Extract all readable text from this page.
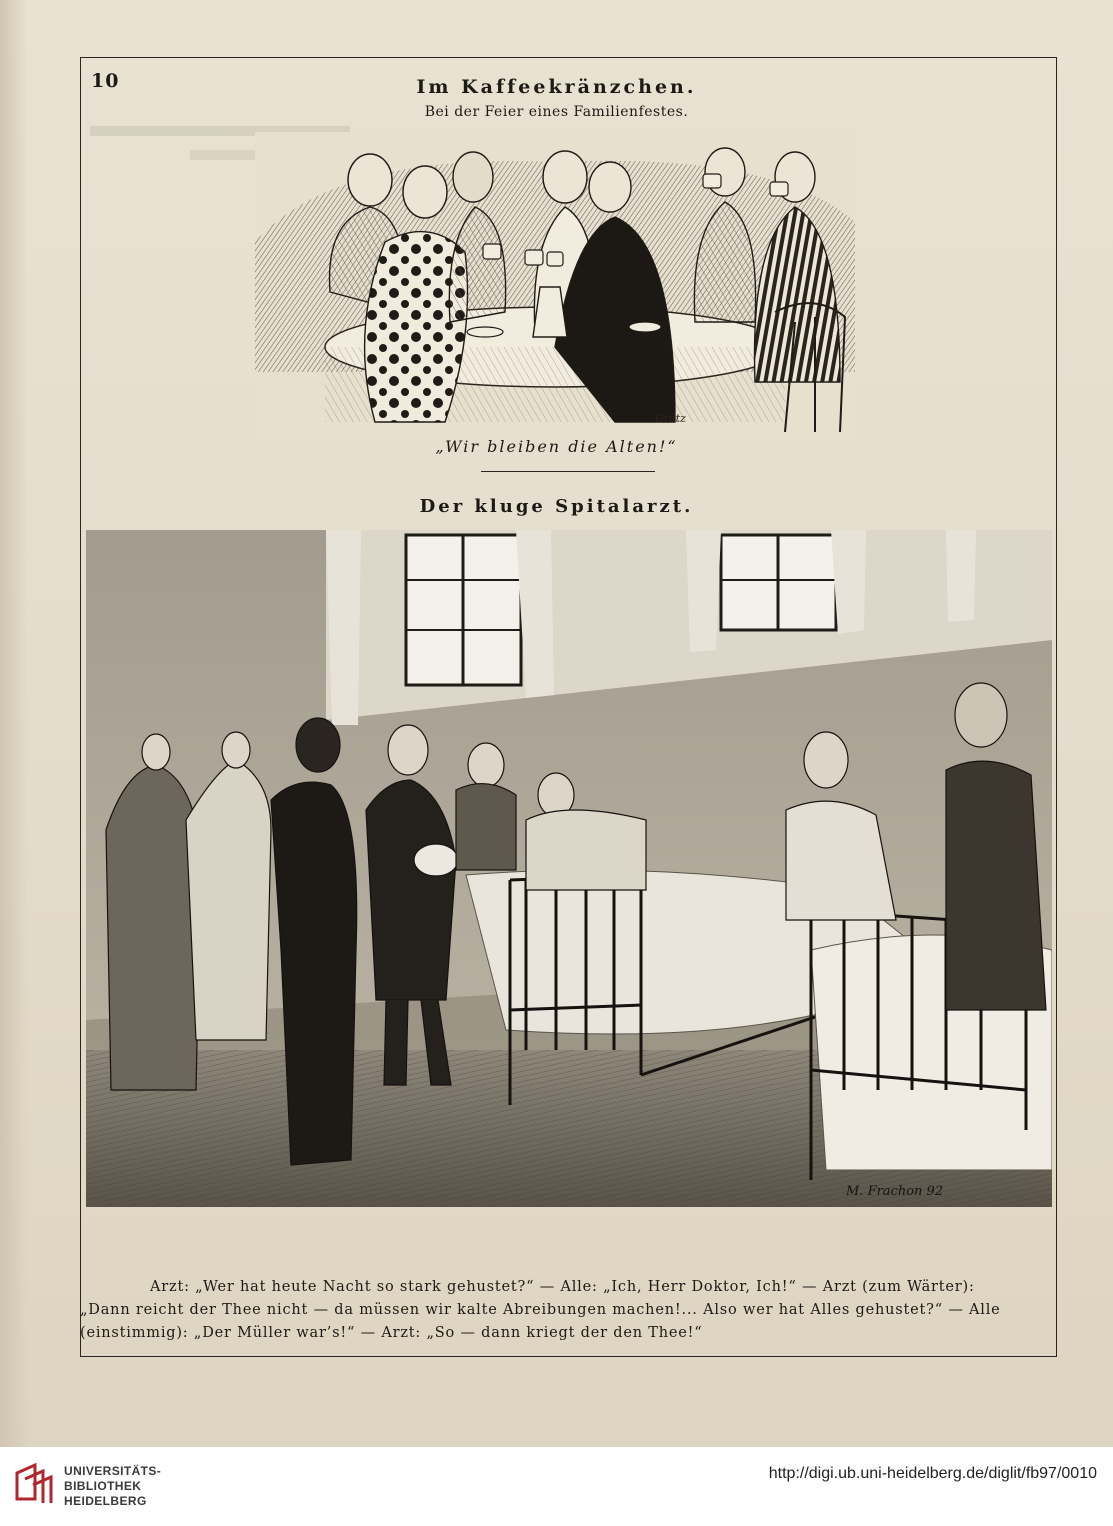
10	Im Kaffeekränzchen.
Bei der Feier eines Familienfestes.
Grätz
„Wir bleiben die Alten!“
Der kluge Spitalarzt.
M. Frachon 92
Arzt: „Wer hat heute Nacht so stark gehustet?“ — Alle: „Ich, Herr Doktor, Ich!“ — Arzt (zum Wärter):
„Dann reicht der Thee nicht — da müssen wir kalte Abreibungen machen!... Also wer hat Alles gehustet?“ — Alle
(einstimmig): „Der Müller war’s!“ — Arzt: „So — dann kriegt der den Thee!“
UNIVERSITÄTS-
BIBLIOTHEK
HEIDELBERG
http://digi.ub.uni-heidelberg.de/diglit/fb97/0010
